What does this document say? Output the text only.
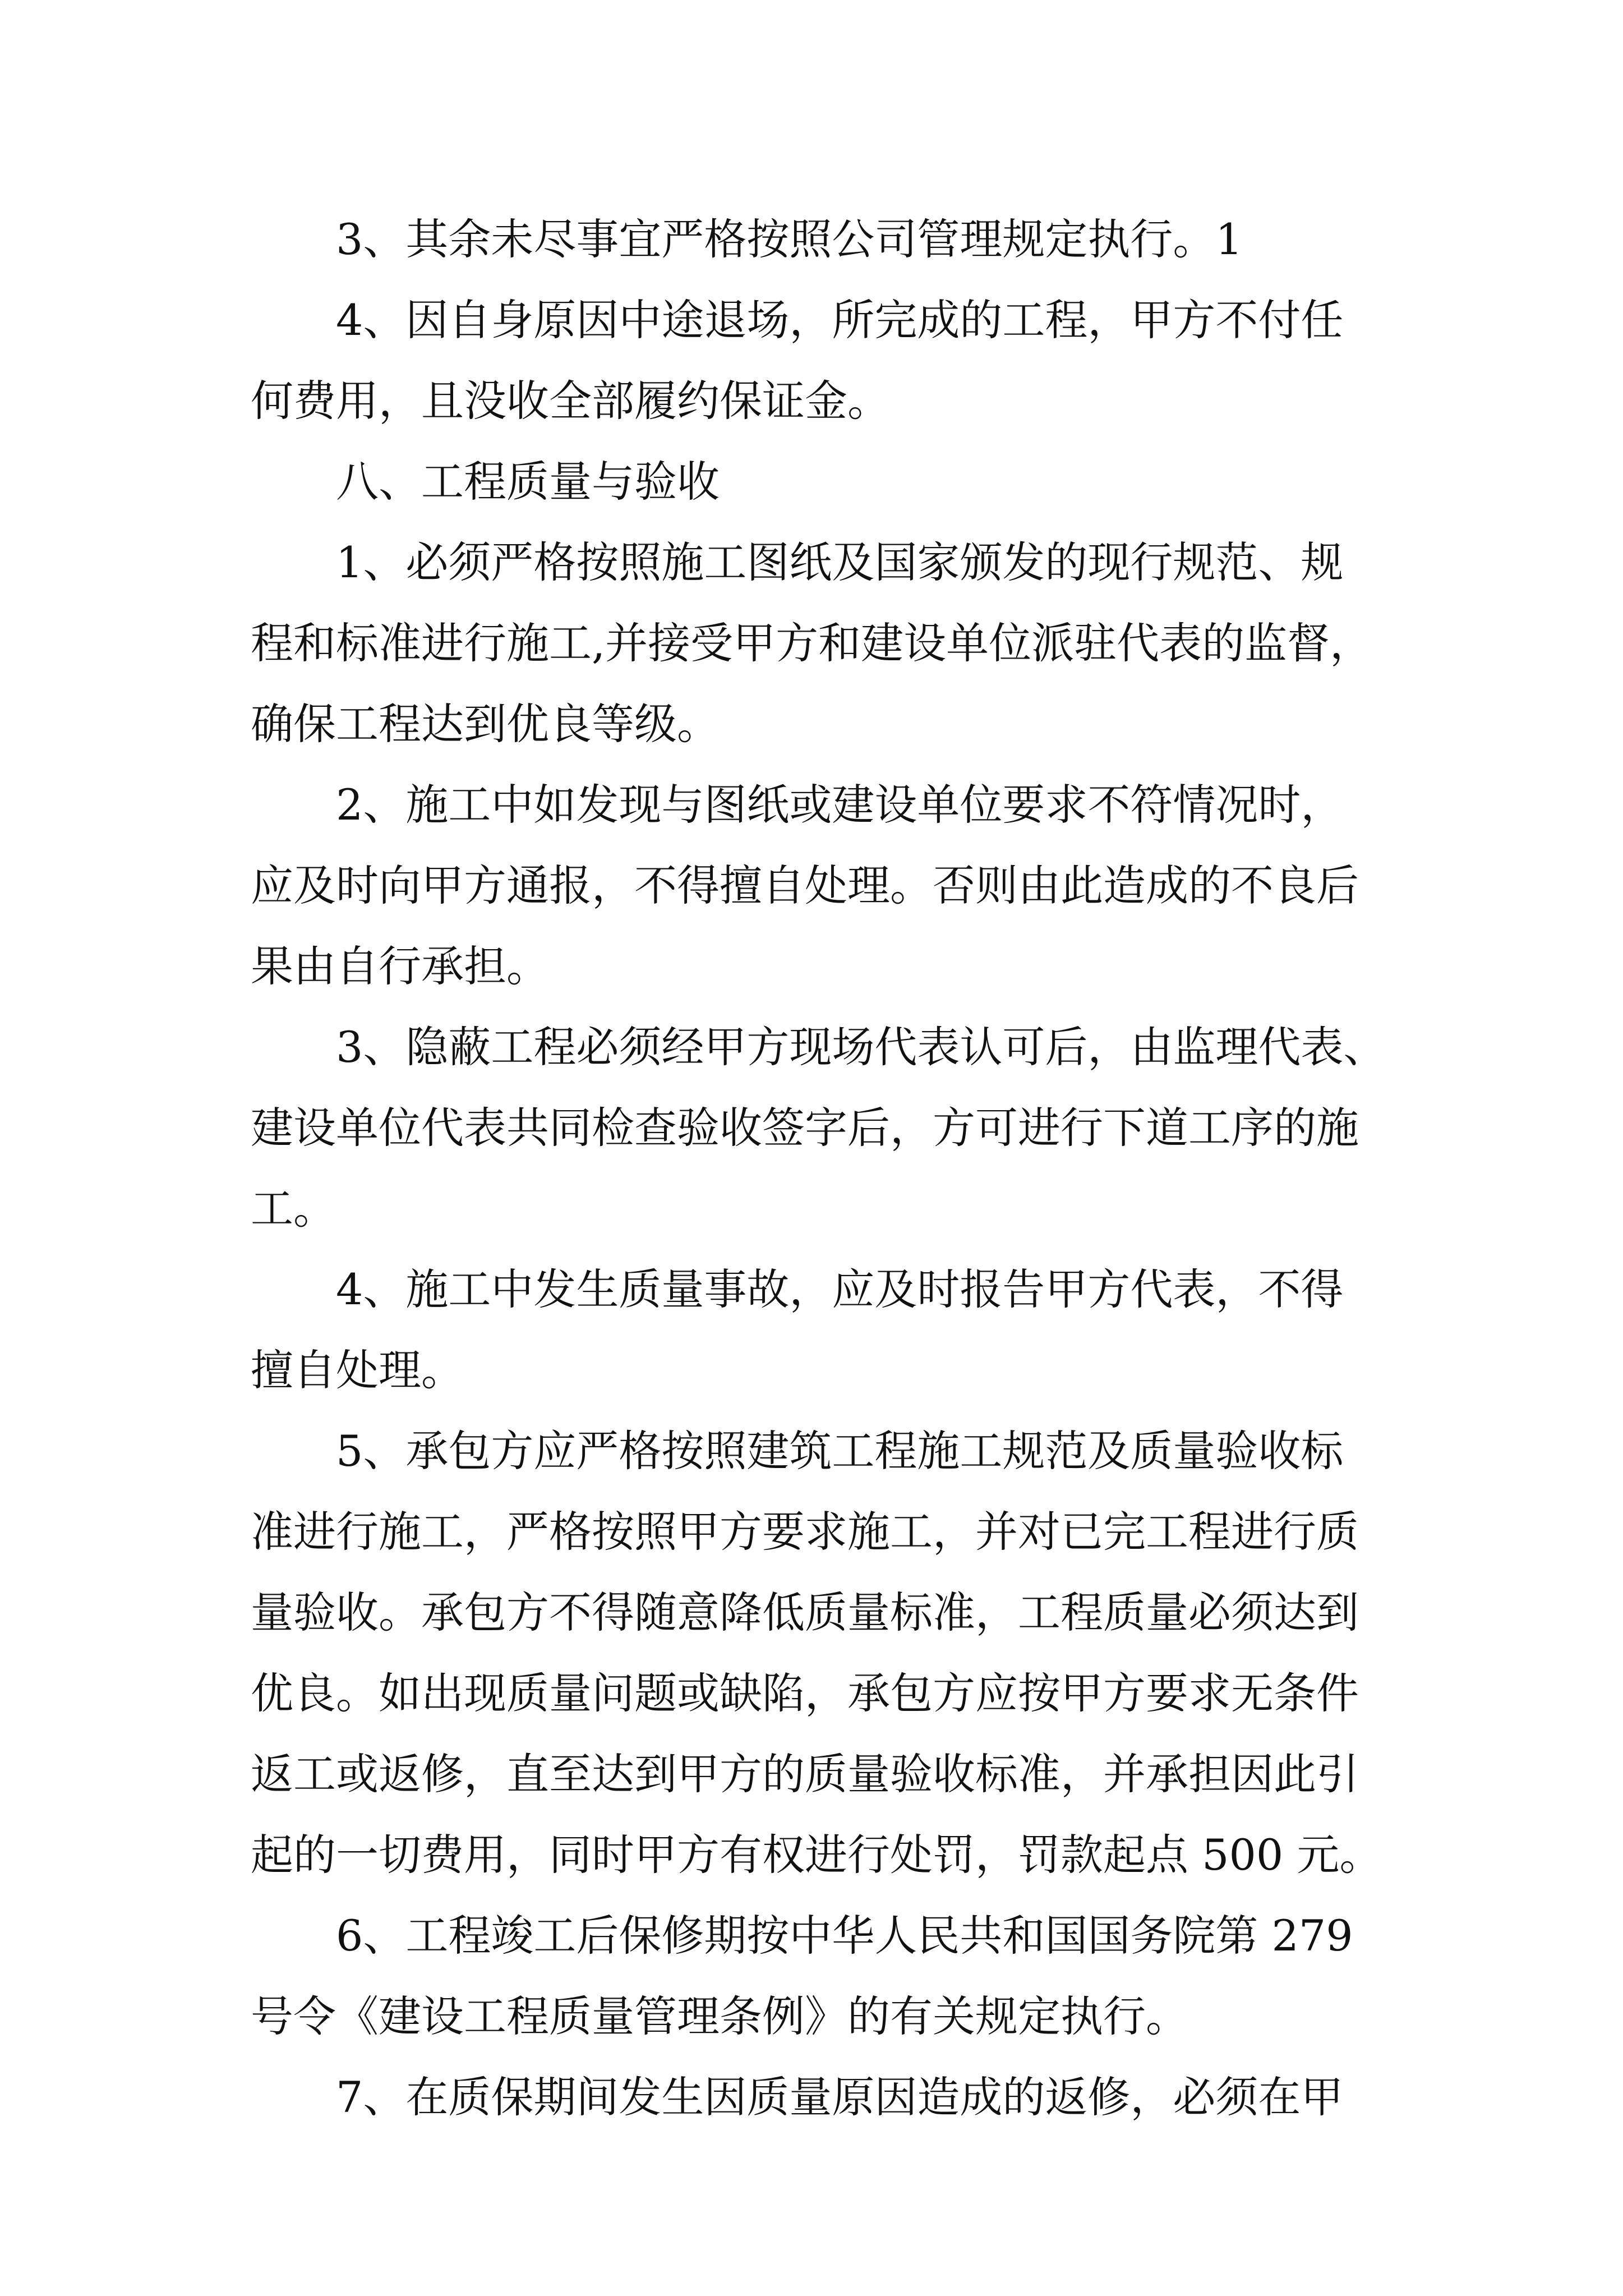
　　3、其余未尽事宜严格按照公司管理规定执行。1

　　4、因自身原因中途退场，所完成的工程，甲方不付任

何费用，且没收全部履约保证金。

　　八、工程质量与验收

　　1、必须严格按照施工图纸及国家颁发的现行规范、规

程和标准进行施工,并接受甲方和建设单位派驻代表的监督，

确保工程达到优良等级。

　　2、施工中如发现与图纸或建设单位要求不符情况时，

应及时向甲方通报，不得擅自处理。否则由此造成的不良后

果由自行承担。

　　3、隐蔽工程必须经甲方现场代表认可后，由监理代表、

建设单位代表共同检查验收签字后，方可进行下道工序的施

工。

　　4、施工中发生质量事故，应及时报告甲方代表，不得

擅自处理。

　　5、承包方应严格按照建筑工程施工规范及质量验收标

准进行施工，严格按照甲方要求施工，并对已完工程进行质

量验收。承包方不得随意降低质量标准，工程质量必须达到

优良。如出现质量问题或缺陷，承包方应按甲方要求无条件

返工或返修，直至达到甲方的质量验收标准，并承担因此引

起的一切费用，同时甲方有权进行处罚，罚款起点 500 元。

　　6、工程竣工后保修期按中华人民共和国国务院第 279

号令《建设工程质量管理条例》的有关规定执行。

　　7、在质保期间发生因质量原因造成的返修，必须在甲
